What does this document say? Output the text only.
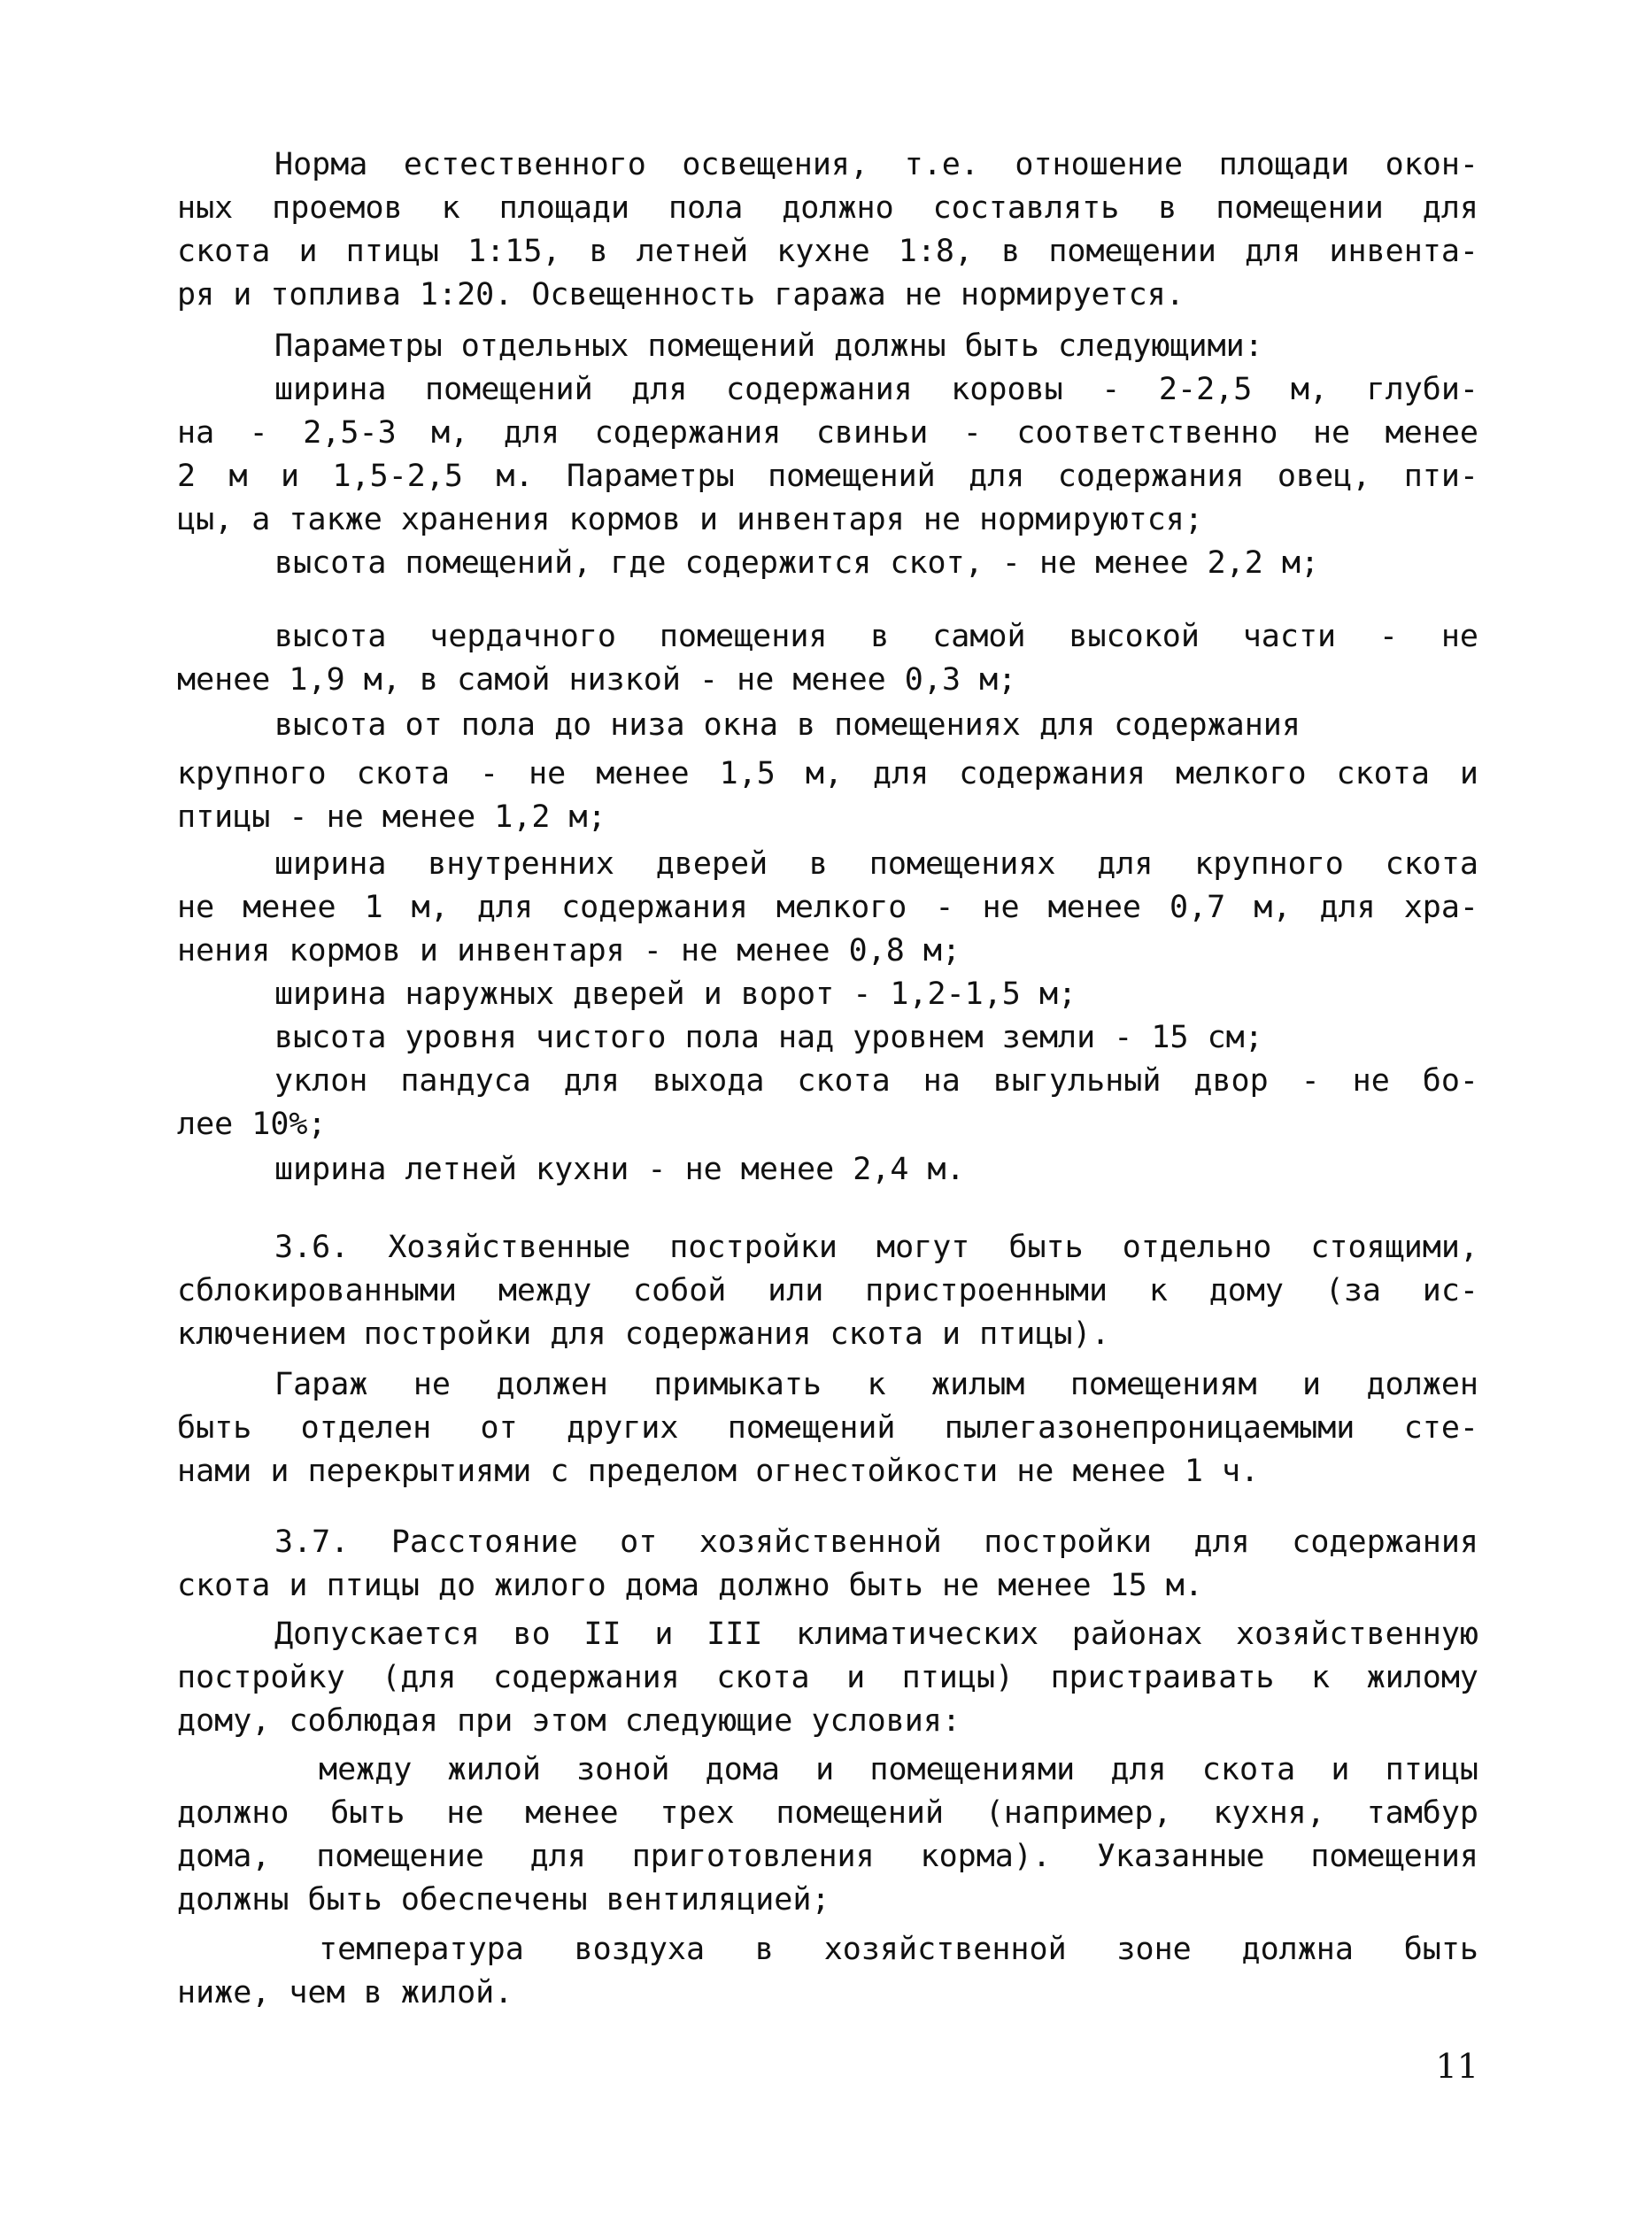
Норма естественного освещения, т.е. отношение площади окон-

ных проемов к площади пола должно составлять в помещении для

скота и птицы 1:15, в летней кухне 1:8, в помещении для инвента-

ря и топлива 1:20. Освещенность гаража не нормируется.

Параметры отдельных помещений должны быть следующими:

ширина помещений для содержания коровы - 2-2,5 м, глуби-

на - 2,5-3 м, для содержания свиньи - соответственно не менее

2 м и 1,5-2,5 м. Параметры помещений для содержания овец, пти-

цы, а также хранения кормов и инвентаря не нормируются;

высота помещений, где содержится скот, - не менее 2,2 м;

высота чердачного помещения в самой высокой части - не

менее 1,9 м, в самой низкой - не менее 0,3 м;

высота от пола до низа окна в помещениях для содержания

крупного скота - не менее 1,5 м, для содержания мелкого скота и

птицы - не менее 1,2 м;

ширина внутренних дверей в помещениях для крупного скота

не менее 1 м, для содержания мелкого - не менее 0,7 м, для хра-

нения кормов и инвентаря - не менее 0,8 м;

ширина наружных дверей и ворот - 1,2-1,5 м;

высота уровня чистого пола над уровнем земли - 15 см;

уклон пандуса для выхода скота на выгульный двор - не бо-

лее 10%;

ширина летней кухни - не менее 2,4 м.

3.6. Хозяйственные постройки могут быть отдельно стоящими,

сблокированными между собой или пристроенными к дому (за ис-

ключением постройки для содержания скота и птицы).

Гараж не должен примыкать к жилым помещениям и должен

быть отделен от других помещений пылегазонепроницаемыми сте-

нами и перекрытиями с пределом огнестойкости не менее 1 ч.

3.7. Расстояние от хозяйственной постройки для содержания

скота и птицы до жилого дома должно быть не менее 15 м.

Допускается во II и III климатических районах хозяйственную

постройку (для содержания скота и птицы) пристраивать к жилому

дому, соблюдая при этом следующие условия:

между жилой зоной дома и помещениями для скота и птицы

должно быть не менее трех помещений (например, кухня, тамбур

дома, помещение для приготовления корма). Указанные помещения

должны быть обеспечены вентиляцией;

температура воздуха в хозяйственной зоне должна быть

ниже, чем в жилой.

11
